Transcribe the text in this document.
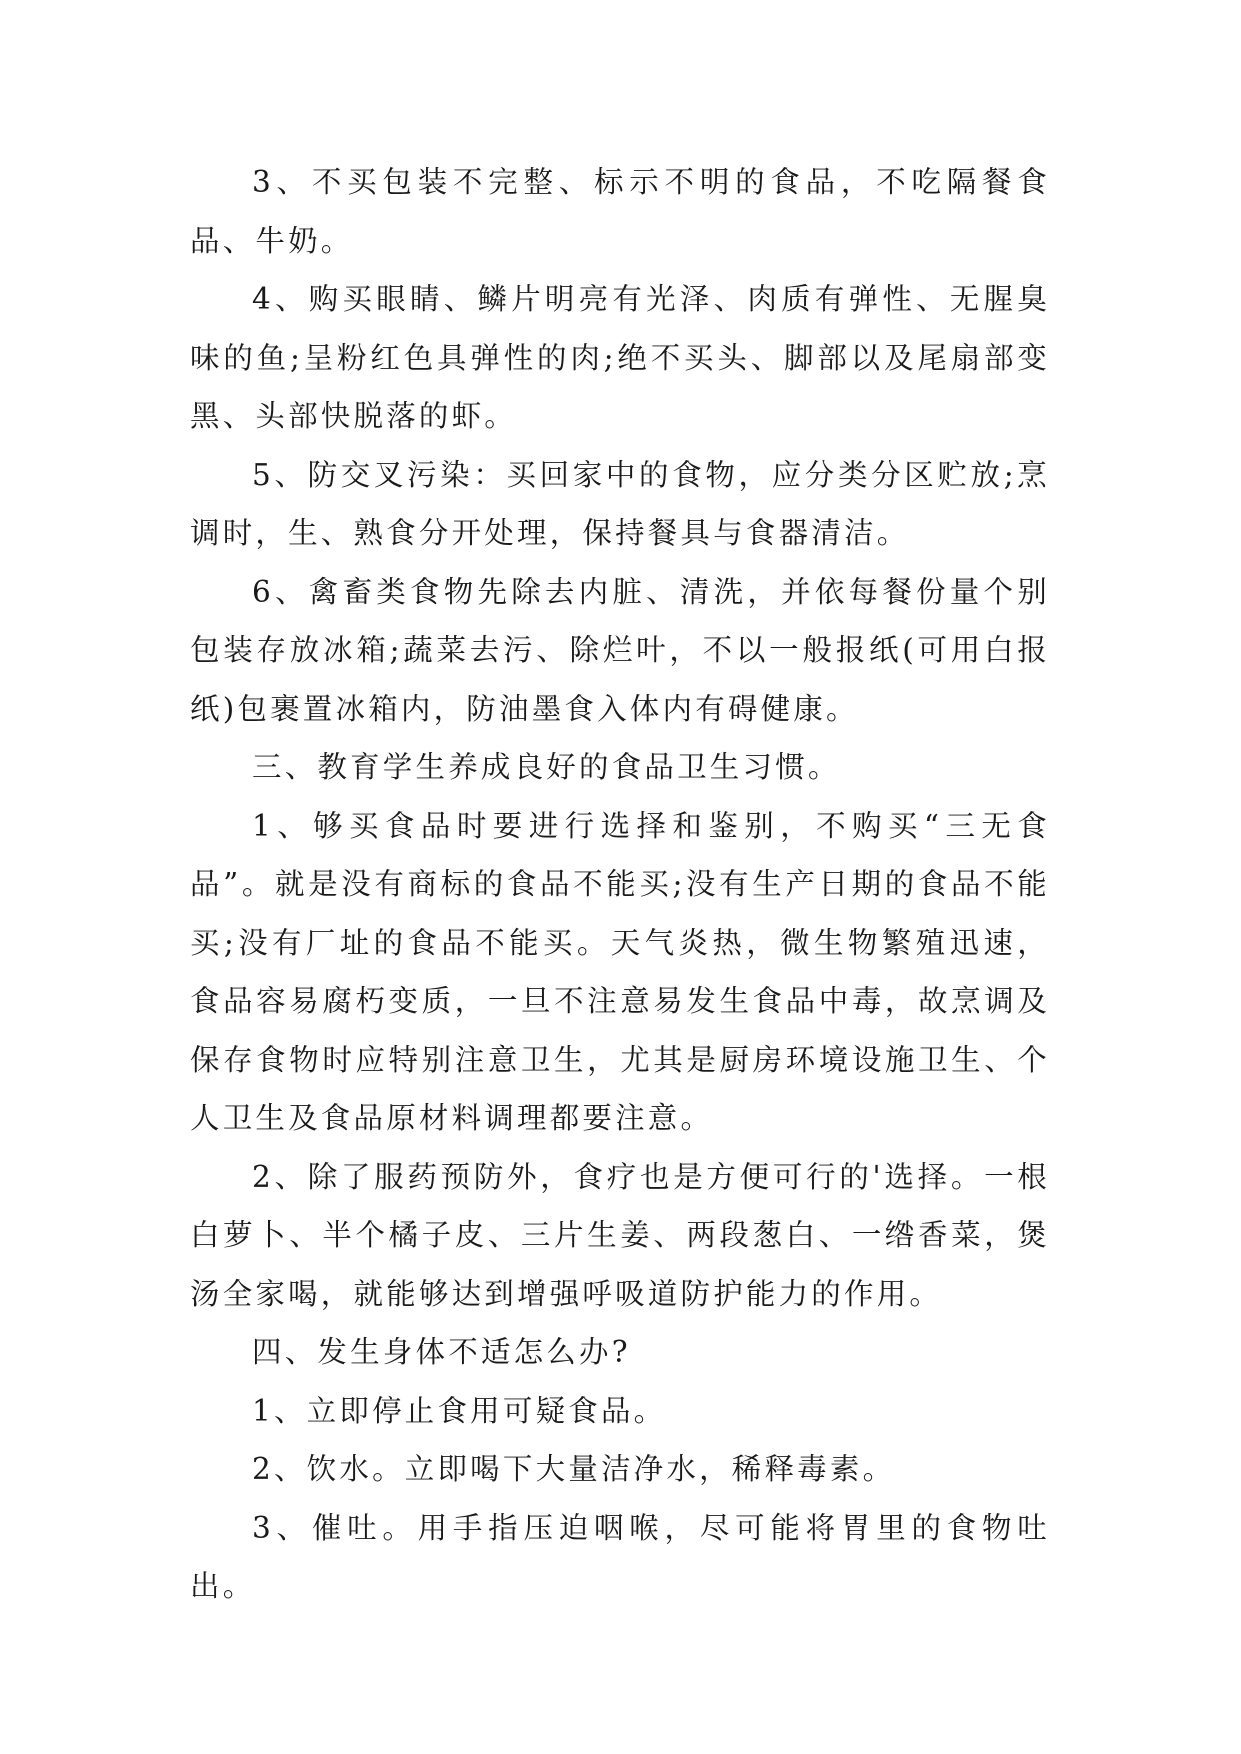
3、不买包装不完整、标示不明的食品，不吃隔餐食品、牛奶。

4、购买眼睛、鳞片明亮有光泽、肉质有弹性、无腥臭味的鱼;呈粉红色具弹性的肉;绝不买头、脚部以及尾扇部变黑、头部快脱落的虾。

5、防交叉污染：买回家中的食物，应分类分区贮放;烹调时，生、熟食分开处理，保持餐具与食器清洁。

6、禽畜类食物先除去内脏、清洗，并依每餐份量个别包装存放冰箱;蔬菜去污、除烂叶，不以一般报纸(可用白报纸)包裹置冰箱内，防油墨食入体内有碍健康。

三、教育学生养成良好的食品卫生习惯。

1、够买食品时要进行选择和鉴别，不购买“三无食品”。就是没有商标的食品不能买;没有生产日期的食品不能买;没有厂址的食品不能买。天气炎热，微生物繁殖迅速，食品容易腐朽变质，一旦不注意易发生食品中毒，故烹调及保存食物时应特别注意卫生，尤其是厨房环境设施卫生、个人卫生及食品原材料调理都要注意。

2、除了服药预防外，食疗也是方便可行的'选择。一根白萝卜、半个橘子皮、三片生姜、两段葱白、一绺香菜，煲汤全家喝，就能够达到增强呼吸道防护能力的作用。

四、发生身体不适怎么办?

1、立即停止食用可疑食品。

2、饮水。立即喝下大量洁净水，稀释毒素。

3、催吐。用手指压迫咽喉，尽可能将胃里的食物吐出。
